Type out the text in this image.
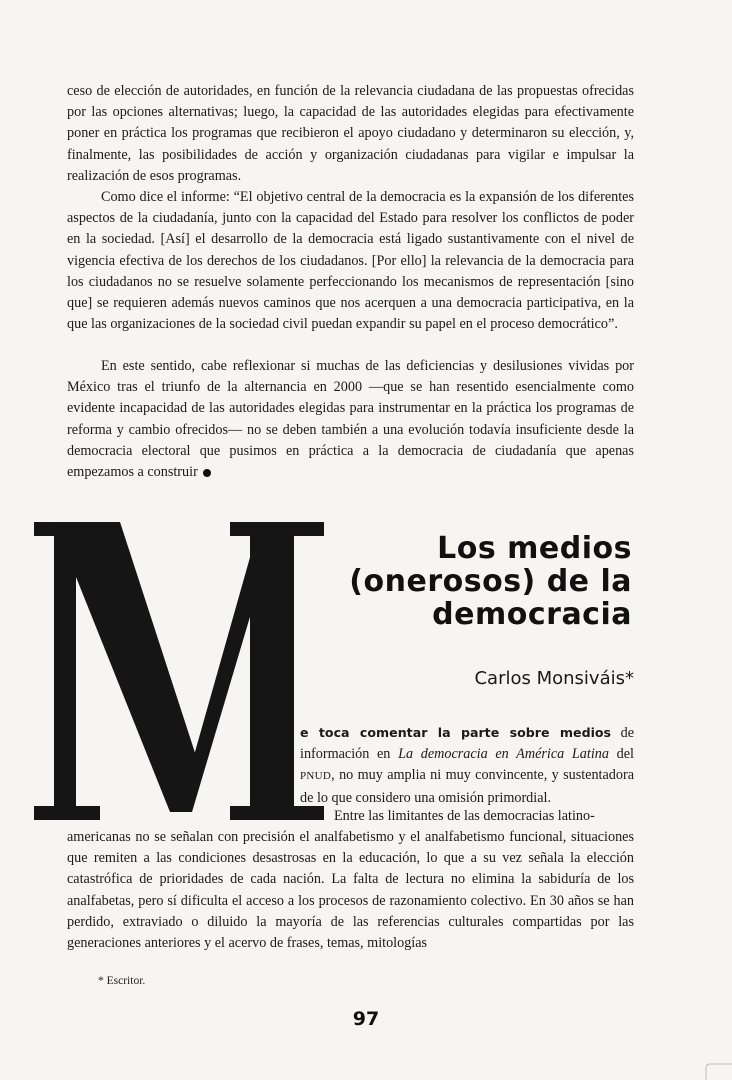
ceso de elección de autoridades, en función de la relevancia ciudadana de las propuestas ofrecidas por las opciones alternativas; luego, la capacidad de las autoridades elegidas para efectivamente poner en práctica los programas que recibieron el apoyo ciudadano y determinaron su elección, y, finalmente, las posibilidades de acción y organización ciudadanas para vigilar e impulsar la realización de esos programas.

Como dice el informe: “El objetivo central de la democracia es la expansión de los diferentes aspectos de la ciudadanía, junto con la capacidad del Estado para resolver los conflictos de poder en la sociedad. [Así] el desarrollo de la democracia está ligado sustantivamente con el nivel de vigencia efectiva de los derechos de los ciudadanos. [Por ello] la relevancia de la democracia para los ciudadanos no se resuelve solamente perfeccionando los mecanismos de representación [sino que] se requieren además nuevos caminos que nos acerquen a una democracia participativa, en la que las organizaciones de la sociedad civil puedan expandir su papel en el proceso democrático”.

En este sentido, cabe reflexionar si muchas de las deficiencias y desilusiones vividas por México tras el triunfo de la alternancia en 2000 —que se han resentido esencialmente como evidente incapacidad de las autoridades elegidas para instrumentar en la práctica los programas de reforma y cambio ofrecidos— no se deben también a una evolución todavía insuficiente desde la democracia electoral que pusimos en práctica a la democracia de ciudadanía que apenas empezamos a construir

Los medios
(onerosos) de la
democracia
Carlos Monsiváis*

e toca comentar la parte sobre medios de información en La democracia en América Latina del PNUD, no muy amplia ni muy convincente, y sustentadora de lo que considero una omisión primordial.

Entre las limitantes de las democracias latino-

americanas no se señalan con precisión el analfabetismo y el analfabetismo funcional, situaciones que remiten a las condiciones desastrosas en la educación, lo que a su vez señala la elección catastrófica de prioridades de cada nación. La falta de lectura no elimina la sabiduría de los analfabetas, pero sí dificulta el acceso a los procesos de razonamiento colectivo. En 30 años se han perdido, extraviado o diluido la mayoría de las referencias culturales compartidas por las generaciones anteriores y el acervo de frases, temas, mitologías

* Escritor.
97
